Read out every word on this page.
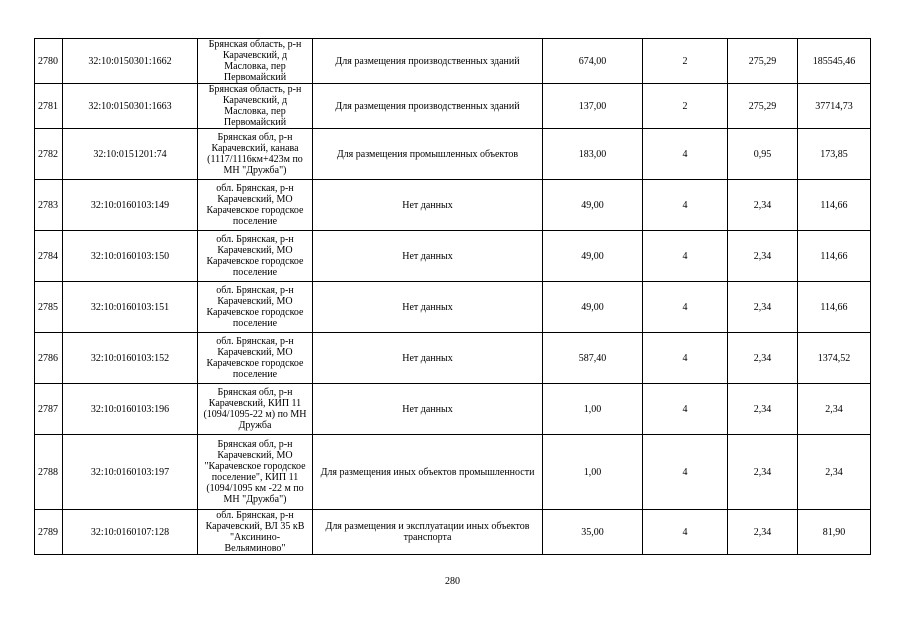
2780	32:10:0150301:1662	Брянская область, р-н Карачевский, д Масловка, пер Первомайский	Для размещения производственных зданий	674,00	2	275,29	185545,46
2781	32:10:0150301:1663	Брянская область, р-н Карачевский, д Масловка, пер Первомайский	Для размещения производственных зданий	137,00	2	275,29	37714,73
2782	32:10:0151201:74	Брянская обл, р-н Карачевский, канава (1117/1116км+423м по МН "Дружба")	Для размещения промышленных объектов	183,00	4	0,95	173,85
2783	32:10:0160103:149	обл. Брянская, р-н Карачевский, МО Карачевское городское поселение	Нет данных	49,00	4	2,34	114,66
2784	32:10:0160103:150	обл. Брянская, р-н Карачевский, МО Карачевское городское поселение	Нет данных	49,00	4	2,34	114,66
2785	32:10:0160103:151	обл. Брянская, р-н Карачевский, МО Карачевское городское поселение	Нет данных	49,00	4	2,34	114,66
2786	32:10:0160103:152	обл. Брянская, р-н Карачевский, МО Карачевское городское поселение	Нет данных	587,40	4	2,34	1374,52
2787	32:10:0160103:196	Брянская обл, р-н Карачевский, КИП 11 (1094/1095-22 м) по МН Дружба	Нет данных	1,00	4	2,34	2,34
2788	32:10:0160103:197	Брянская обл, р-н Карачевский, МО "Карачевское городское поселение", КИП 11 (1094/1095 км -22 м по МН "Дружба")	Для размещения иных объектов промышленности	1,00	4	2,34	2,34
2789	32:10:0160107:128	обл. Брянская, р-н Карачевский, ВЛ 35 кВ "Аксинино-Вельяминово"	Для размещения и эксплуатации иных объектов транспорта	35,00	4	2,34	81,90
280
